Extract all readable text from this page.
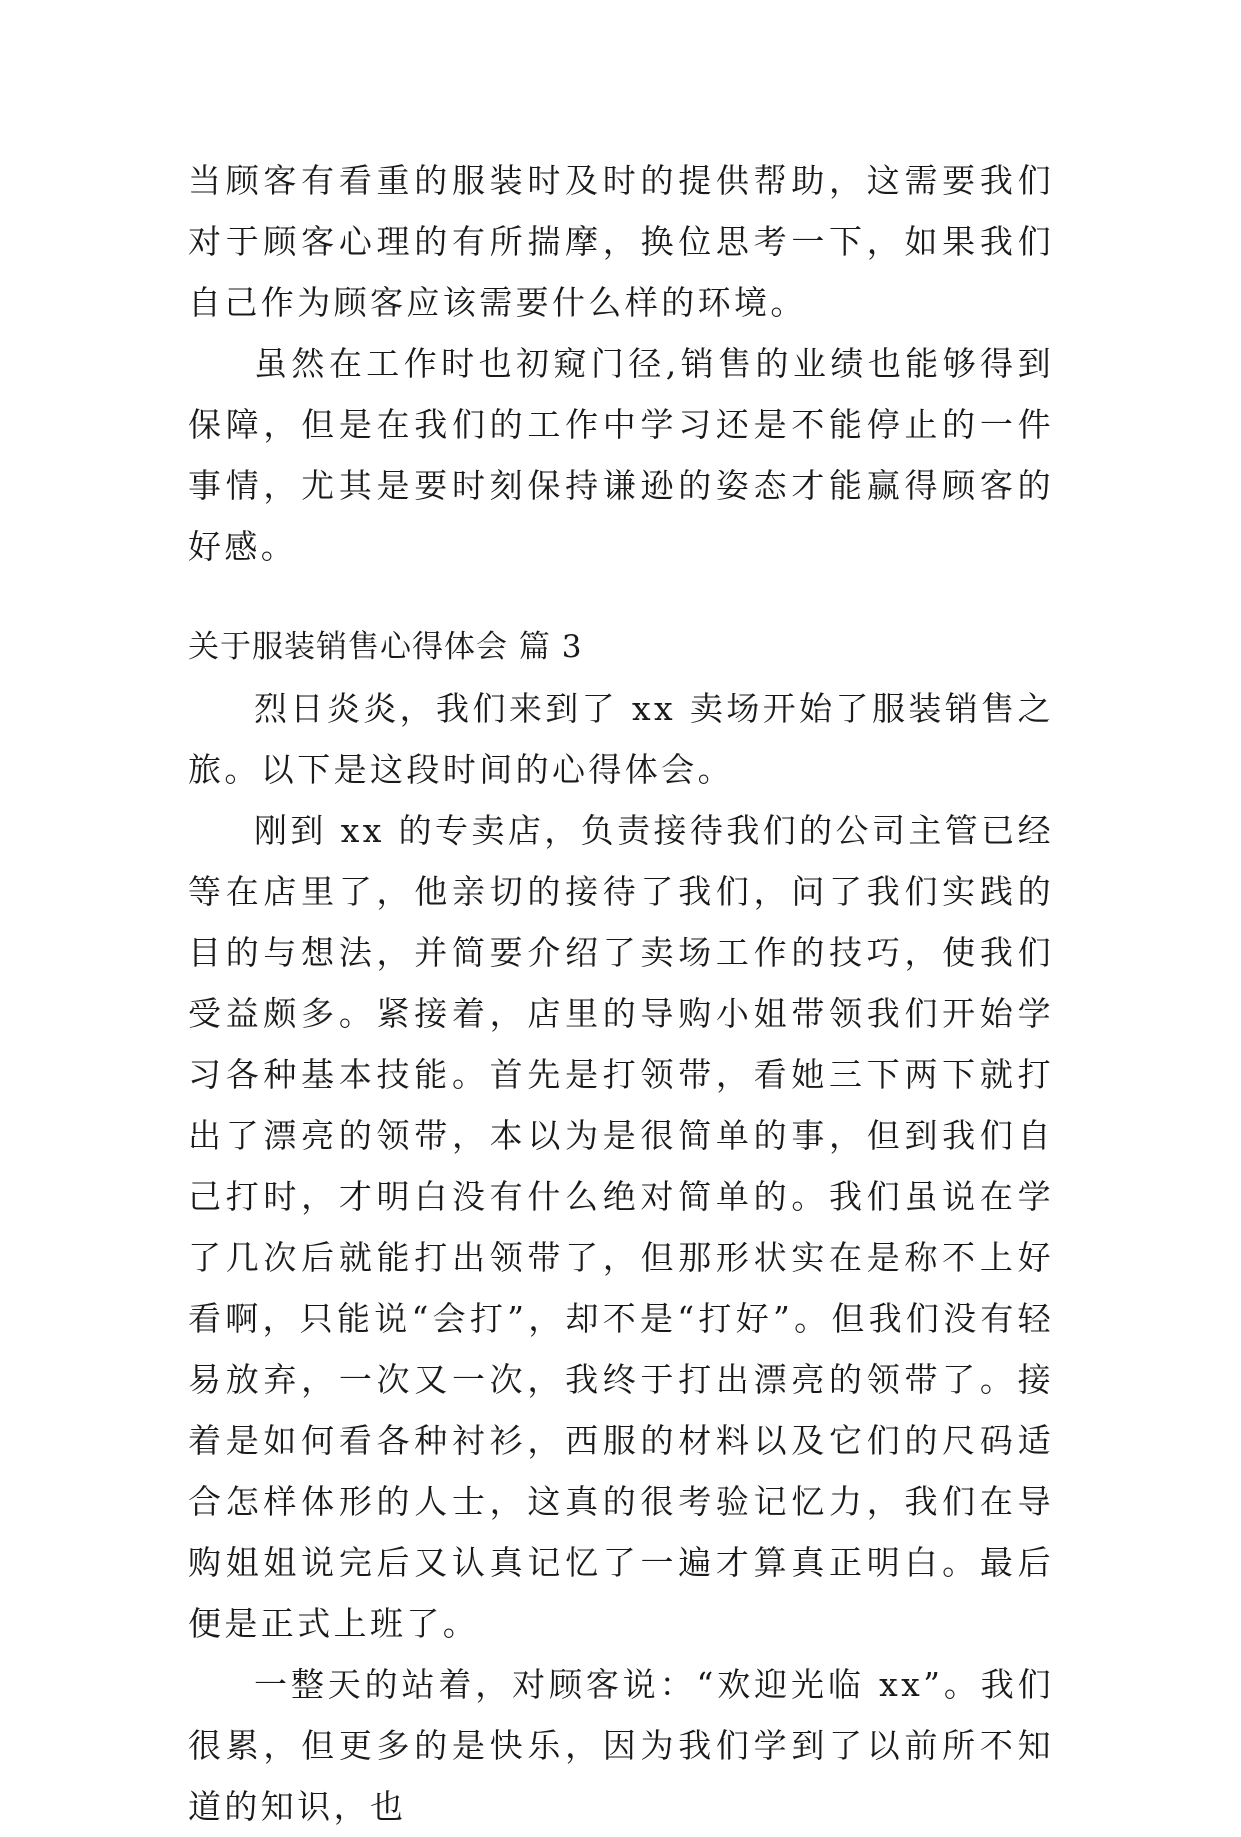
当顾客有看重的服装时及时的提供帮助，这需要我们对于顾客心理的有所揣摩，换位思考一下，如果我们自己作为顾客应该需要什么样的环境。

虽然在工作时也初窥门径,销售的业绩也能够得到保障，但是在我们的工作中学习还是不能停止的一件事情，尤其是要时刻保持谦逊的姿态才能赢得顾客的好感。

关于服装销售心得体会 篇 3

烈日炎炎，我们来到了 xx 卖场开始了服装销售之旅。以下是这段时间的心得体会。

刚到 xx 的专卖店，负责接待我们的公司主管已经等在店里了，他亲切的接待了我们，问了我们实践的目的与想法，并简要介绍了卖场工作的技巧，使我们受益颇多。紧接着，店里的导购小姐带领我们开始学习各种基本技能。首先是打领带，看她三下两下就打出了漂亮的领带，本以为是很简单的事，但到我们自己打时，才明白没有什么绝对简单的。我们虽说在学了几次后就能打出领带了，但那形状实在是称不上好看啊，只能说“会打”，却不是“打好”。但我们没有轻易放弃，一次又一次，我终于打出漂亮的领带了。接着是如何看各种衬衫，西服的材料以及它们的尺码适合怎样体形的人士，这真的很考验记忆力，我们在导购姐姐说完后又认真记忆了一遍才算真正明白。最后便是正式上班了。

一整天的站着，对顾客说：“欢迎光临 xx”。我们很累，但更多的是快乐，因为我们学到了以前所不知道的知识，也
